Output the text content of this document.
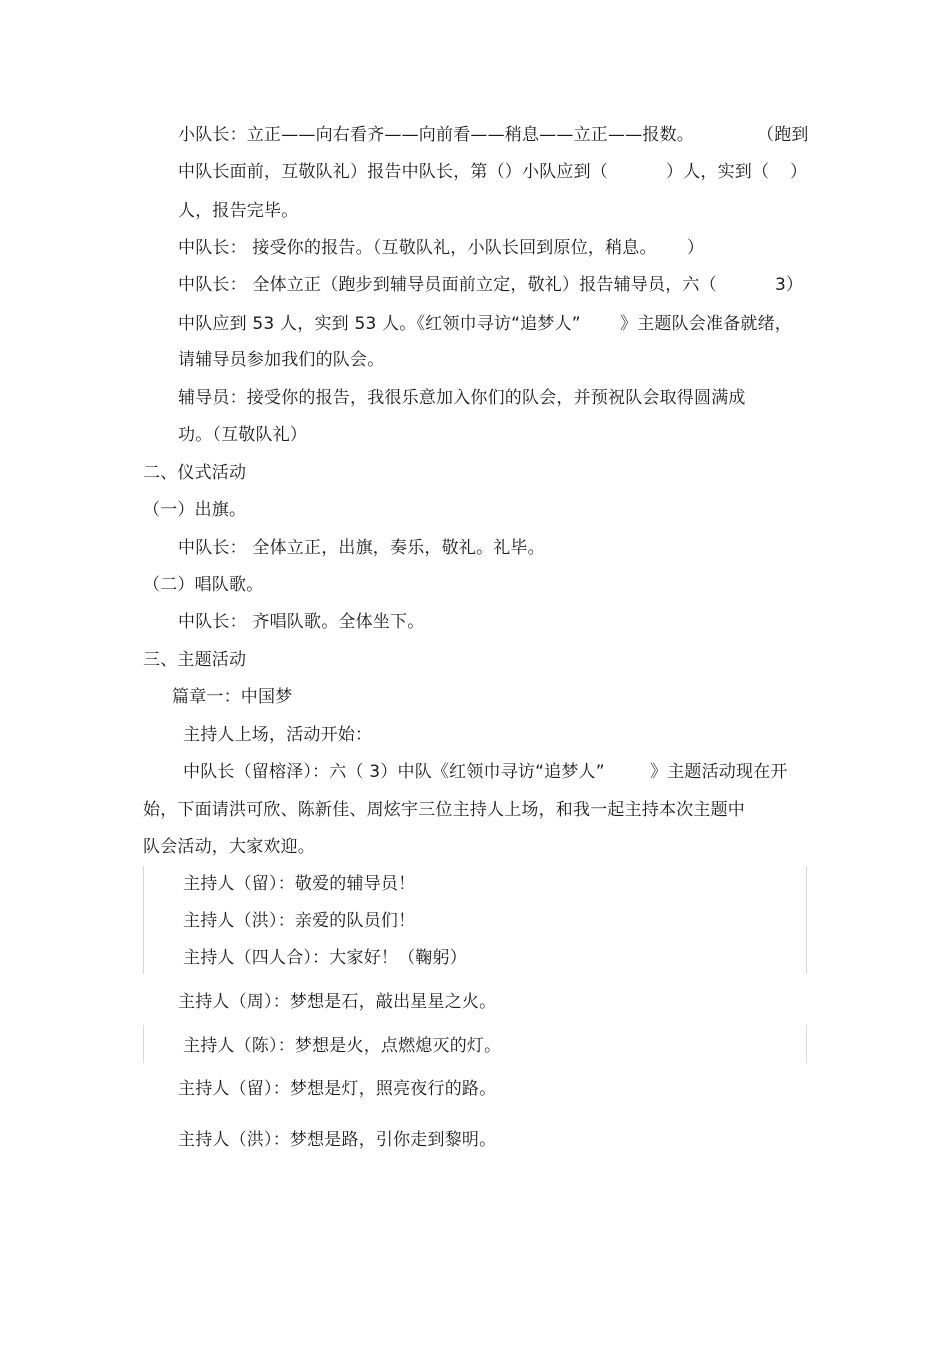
小队长：立正——向右看齐——向前看——稍息——立正——报数。	（跑到
中队长面前，互敬队礼）报告中队长，第（）小队应到（	）人，实到（ ）
人，报告完毕。
中队长： 接受你的报告。（互敬队礼，小队长回到原位，稍息。 ）
中队长： 全体立正（跑步到辅导员面前立定，敬礼）报告辅导员，六（	3）
中队应到 53 人，实到 53 人。《红领巾寻访“追梦人” 》主题队会准备就绪，
请辅导员参加我们的队会。
辅导员：接受你的报告，我很乐意加入你们的队会，并预祝队会取得圆满成
功。（互敬队礼）
二、仪式活动
（一）出旗。
中队长： 全体立正，出旗，奏乐，敬礼。礼毕。
（二）唱队歌。
中队长： 齐唱队歌。全体坐下。
三、主题活动
篇章一：中国梦
主持人上场，活动开始：
中队长（留榕泽）：六（ 3）中队《红领巾寻访“追梦人”	》主题活动现在开
始，下面请洪可欣、陈新佳、周炫宇三位主持人上场，和我一起主持本次主题中
队会活动，大家欢迎。
主持人（留）：敬爱的辅导员！
主持人（洪）：亲爱的队员们！
主持人（四人合）：大家好！（鞠躬）
主持人（周）：梦想是石，敲出星星之火。
主持人（陈）：梦想是火，点燃熄灭的灯。
主持人（留）：梦想是灯，照亮夜行的路。
主持人（洪）：梦想是路，引你走到黎明。
